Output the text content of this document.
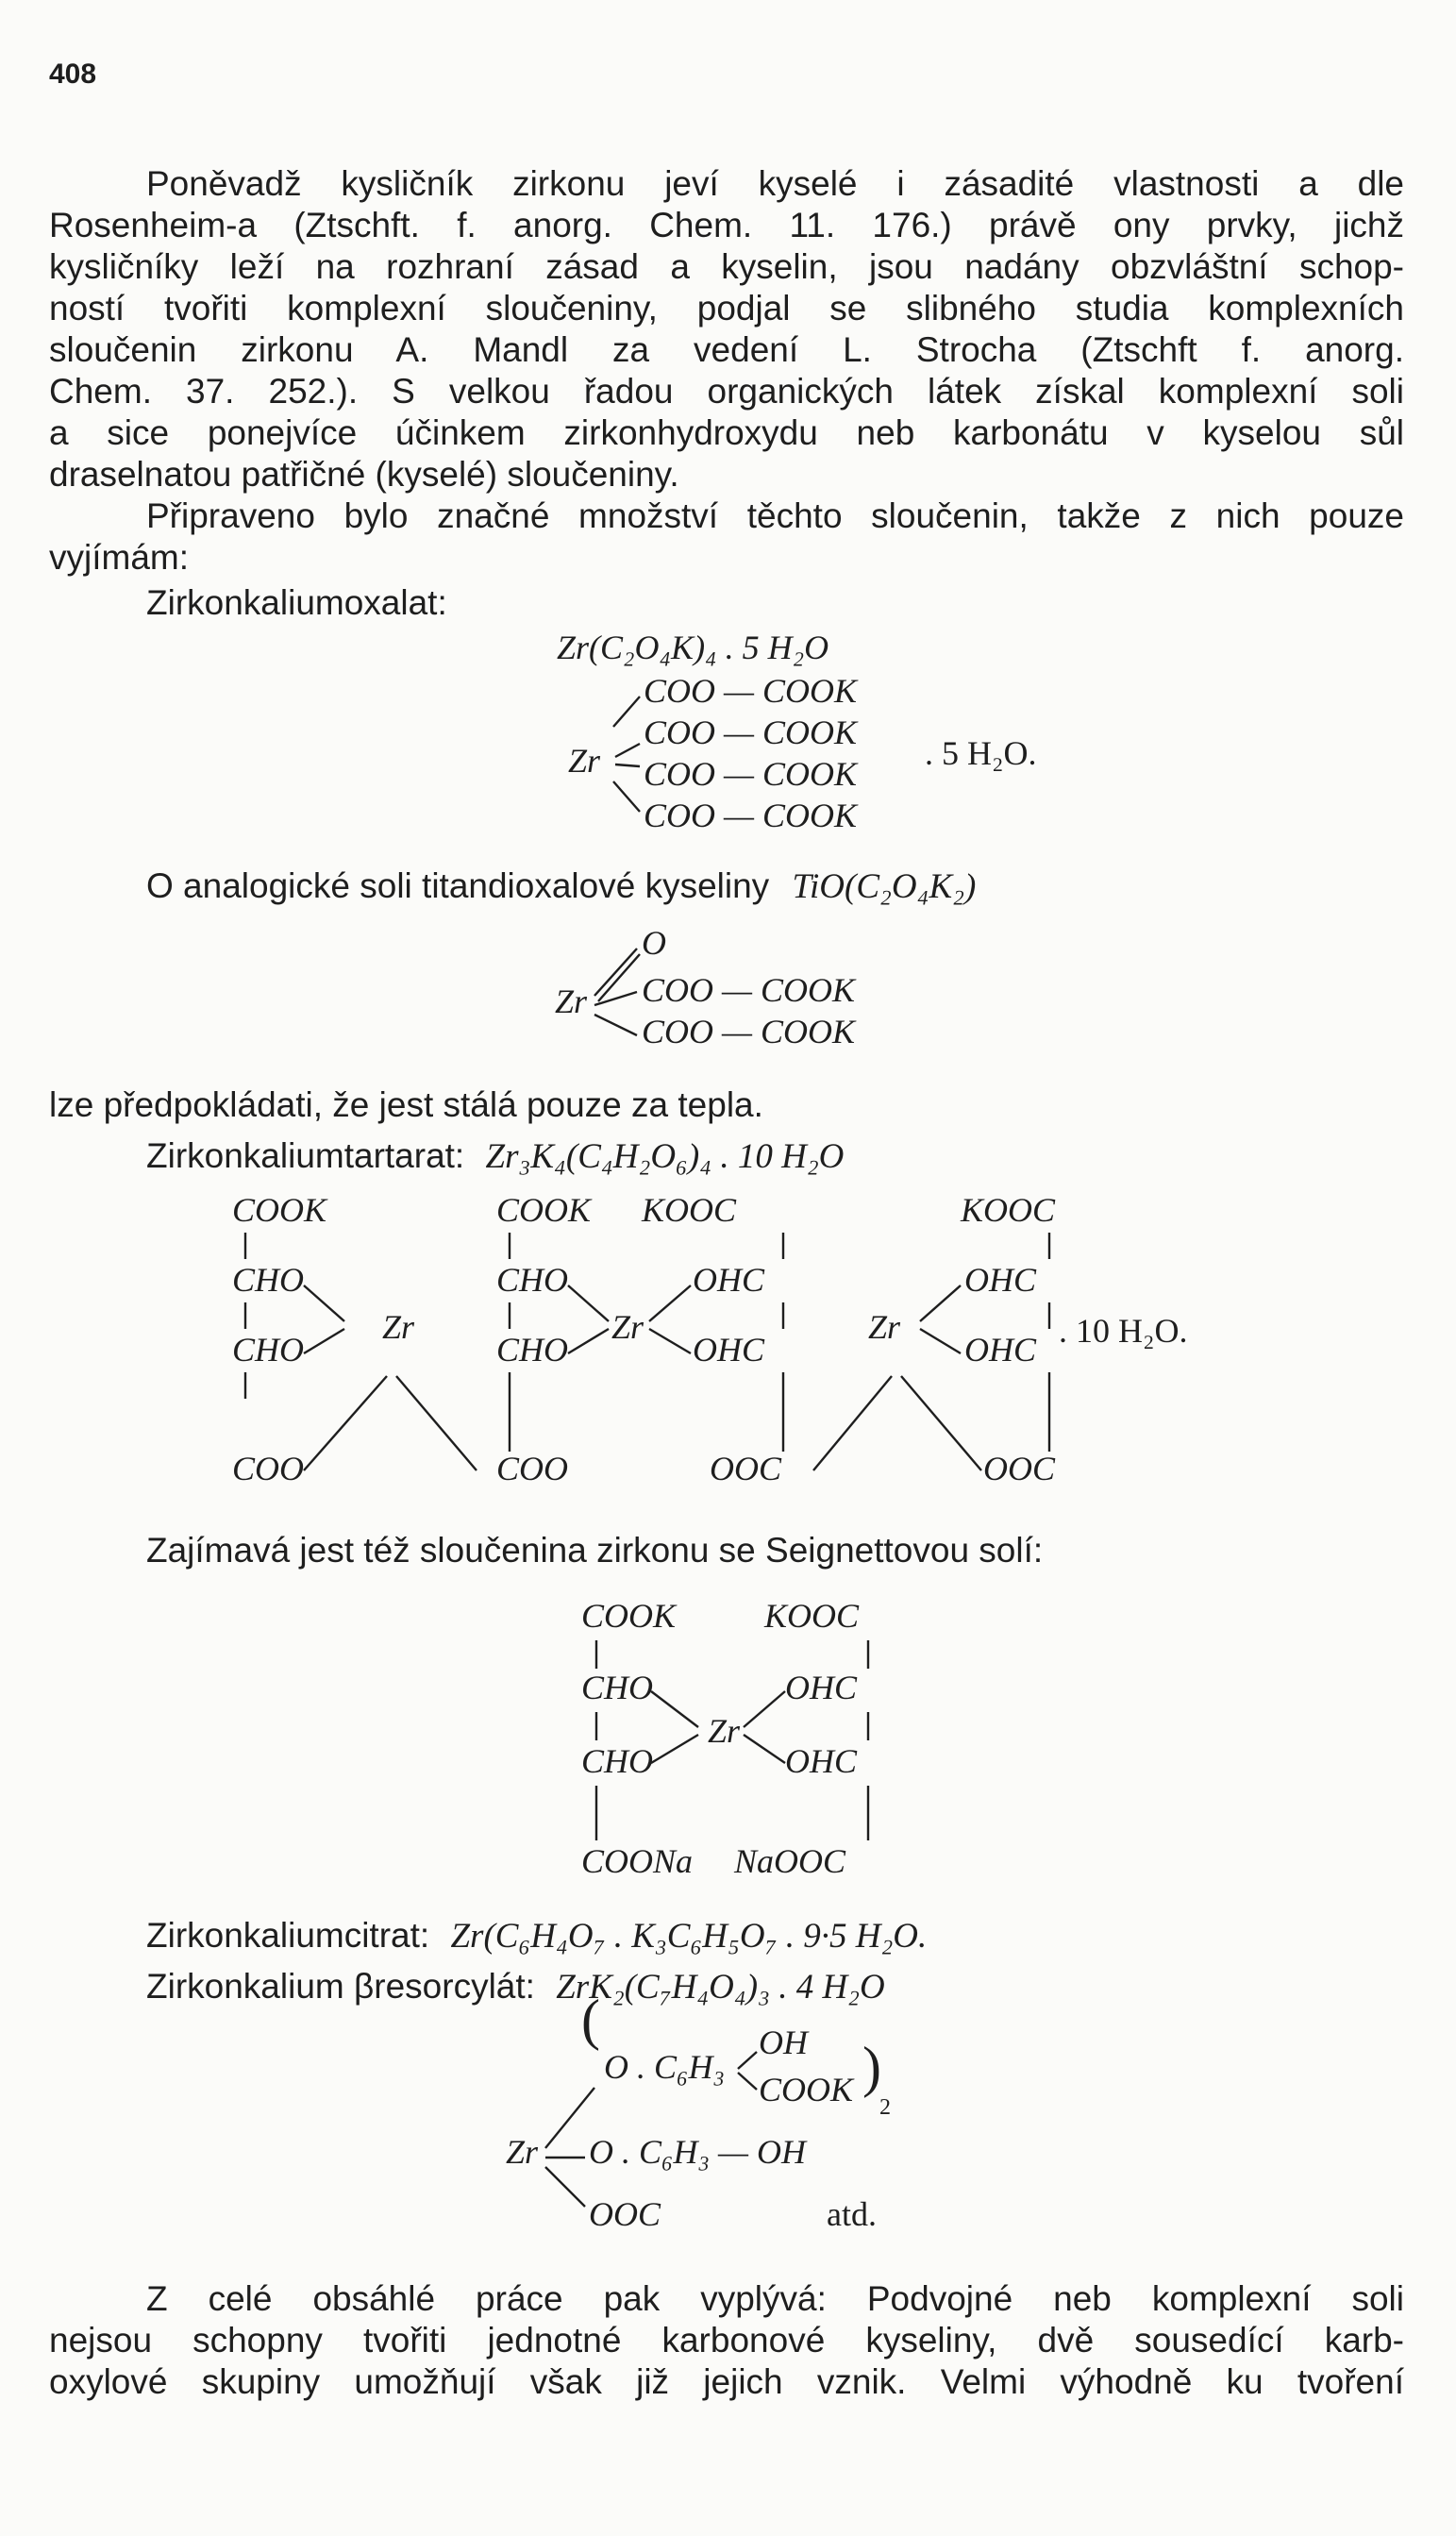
408

Poněvadž kysličník zirkonu jeví kyselé i zásadité vlastnosti a dle

Rosenheim-a (Ztschft. f. anorg. Chem. 11. 176.) právě ony prvky, jichž

kysličníky leží na rozhraní zásad a kyselin, jsou nadány obzvláštní schop-

ností tvořiti komplexní sloučeniny, podjal se slibného studia komplexních

sloučenin zirkonu A. Mandl za vedení L. Strocha (Ztschft f. anorg.

Chem. 37. 252.). S velkou řadou organických látek získal komplexní soli

a sice ponejvíce účinkem zirkonhydroxydu neb karbonátu v kyselou sůl

draselnatou patřičné (kyselé) sloučeniny.

Připraveno bylo značné množství těchto sloučenin, takže z nich pouze

vyjímám:

Zirkonkaliumoxalat:
Zr(C₂O₄K)₄ . 5 H₂O
Zr
COO — COOK
COO — COOK
COO — COOK
COO — COOK
. 5 H₂O.
O analogické soli titandioxalové kyseliny TiO(C₂O₄K₂)
O
Zr COO — COOK
COO — COOK
lze předpokládati, že jest stálá pouze za tepla.
Zirkonkaliumtartarat: Zr₃K₄(C₄H₂O₆)₄ . 10 H₂O
COOK
CHO
CHO
COO
Zr
COOK
CHO
CHO
COO
Zr
KOOC
OHC
OHC
OOC
Zr
KOOC
OHC
OHC
OOC
. 10 H₂O.
Zajímavá jest též sloučenina zirkonu se Seignettovou solí:
COOK	KOOC
CHO	OHC
CHO	OHC
COONa NaOOC
Zr
Zirkonkaliumcitrat: Zr(C₆H₄O₇ . K₃C₆H₅O₇ . 9·5 H₂O.
Zirkonkalium βresorcylát: ZrK₂(C₇H₄O₄)₃ . 4 H₂O
(
O . C₆H₃
OH
COOK )
2
Zr O . C₆H₃ — OH
OOC	atd.

Z celé obsáhlé práce pak vyplývá: Podvojné neb komplexní soli

nejsou schopny tvořiti jednotné karbonové kyseliny, dvě sousedící karb-

oxylové skupiny umožňují však již jejich vznik. Velmi výhodně ku tvoření
